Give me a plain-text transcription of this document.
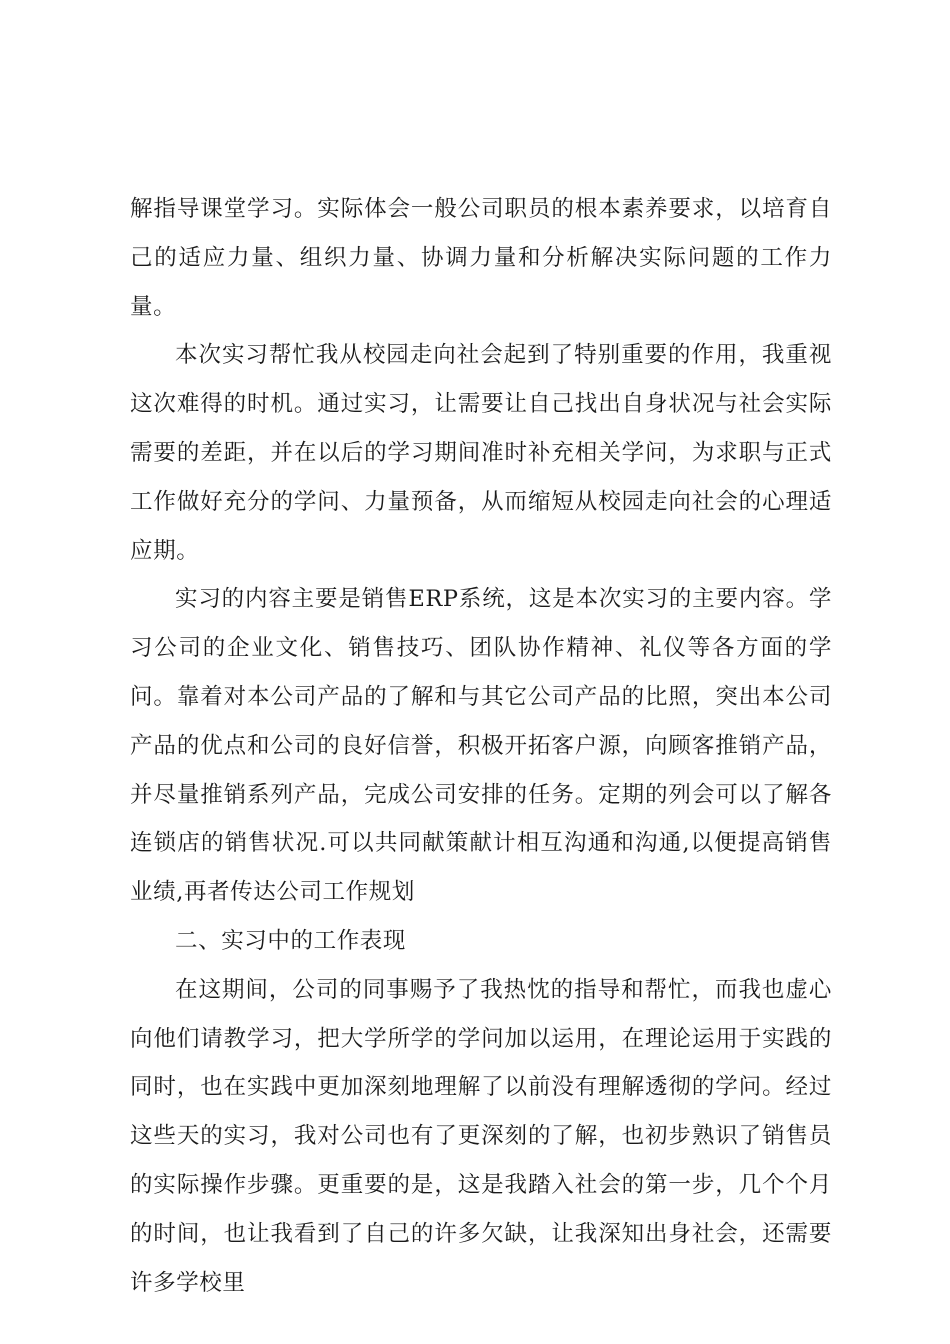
解指导课堂学习。实际体会一般公司职员的根本素养要求，以培育自己的适应力量、组织力量、协调力量和分析解决实际问题的工作力量。

本次实习帮忙我从校园走向社会起到了特别重要的作用，我重视这次难得的时机。通过实习，让需要让自己找出自身状况与社会实际需要的差距，并在以后的学习期间准时补充相关学问，为求职与正式工作做好充分的学问、力量预备，从而缩短从校园走向社会的心理适应期。

实习的内容主要是销售ERP系统，这是本次实习的主要内容。学习公司的企业文化、销售技巧、团队协作精神、礼仪等各方面的学问。靠着对本公司产品的了解和与其它公司产品的比照，突出本公司产品的优点和公司的良好信誉，积极开拓客户源，向顾客推销产品，并尽量推销系列产品，完成公司安排的任务。定期的列会可以了解各连锁店的销售状况.可以共同献策献计相互沟通和沟通,以便提高销售业绩,再者传达公司工作规划

二、实习中的工作表现

在这期间，公司的同事赐予了我热忱的指导和帮忙，而我也虚心向他们请教学习，把大学所学的学问加以运用，在理论运用于实践的同时，也在实践中更加深刻地理解了以前没有理解透彻的学问。经过这些天的实习，我对公司也有了更深刻的了解，也初步熟识了销售员的实际操作步骤。更重要的是，这是我踏入社会的第一步，几个个月的时间，也让我看到了自己的许多欠缺，让我深知出身社会，还需要许多学校里
